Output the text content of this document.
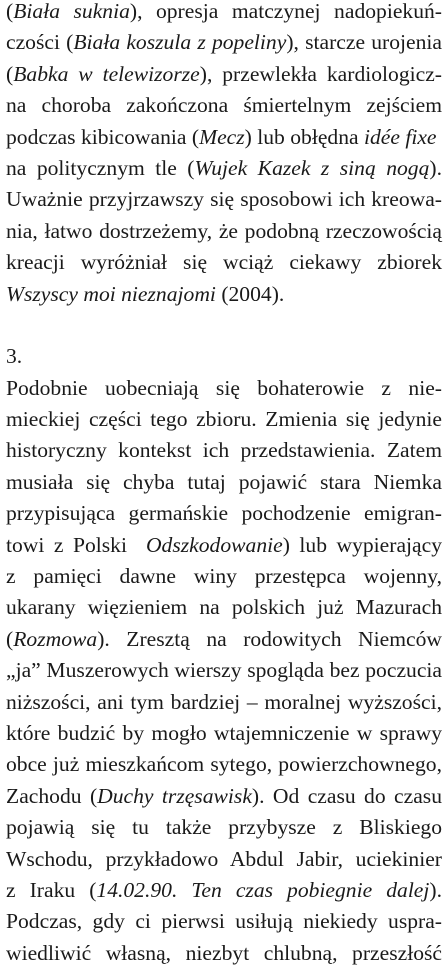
(Biała suknia), opresja matczynej nadopiekuń-
czości (Biała koszula z popeliny), starcze urojenia
(Babka w telewizorze), przewlekła kardiologicz-
na choroba zakończona śmiertelnym zejściem
podczas kibicowania (Mecz) lub obłędna idée fixe
na politycznym tle (Wujek Kazek z siną nogą).
Uważnie przyjrzawszy się sposobowi ich kreowa-
nia, łatwo dostrzeżemy, że podobną rzeczowością
kreacji wyróżniał się wciąż ciekawy zbiorek
Wszyscy moi nieznajomi (2004).
3.
Podobnie uobecniają się bohaterowie z nie-
mieckiej części tego zbioru. Zmienia się jedynie
historyczny kontekst ich przedstawienia. Zatem
musiała się chyba tutaj pojawić stara Niemka
przypisująca germańskie pochodzenie emigran-
towi z Polski  Odszkodowanie) lub wypierający
z pamięci dawne winy przestępca wojenny,
ukarany więzieniem na polskich już Mazurach
(Rozmowa). Zresztą na rodowitych Niemców
„ja” Muszerowych wierszy spogląda bez poczucia
niższości, ani tym bardziej – moralnej wyższości,
które budzić by mogło wtajemniczenie w sprawy
obce już mieszkańcom sytego, powierzchownego,
Zachodu (Duchy trzęsawisk). Od czasu do czasu
pojawią się tu także przybysze z Bliskiego
Wschodu, przykładowo Abdul Jabir, uciekinier
z Iraku (14.02.90. Ten czas pobiegnie dalej).
Podczas, gdy ci pierwsi usiłują niekiedy uspra-
wiedliwić własną, niezbyt chlubną, przeszłość
